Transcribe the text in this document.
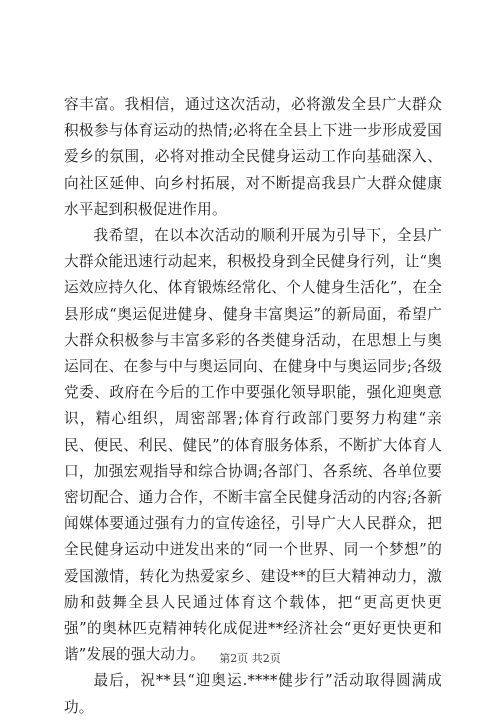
容丰富。我相信，通过这次活动，必将激发全县广大群众积极参与体育运动的热情;必将在全县上下进一步形成爱国爱乡的氛围，必将对推动全民健身运动工作向基础深入、向社区延伸、向乡村拓展，对不断提高我县广大群众健康水平起到积极促进作用。

我希望，在以本次活动的顺利开展为引导下，全县广大群众能迅速行动起来，积极投身到全民健身行列，让“奥运效应持久化、体育锻炼经常化、个人健身生活化”，在全县形成“奥运促进健身、健身丰富奥运”的新局面，希望广大群众积极参与丰富多彩的各类健身活动，在思想上与奥运同在、在参与中与奥运同向、在健身中与奥运同步;各级党委、政府在今后的工作中要强化领导职能，强化迎奥意识，精心组织，周密部署;体育行政部门要努力构建“亲民、便民、利民、健民”的体育服务体系，不断扩大体育人口，加强宏观指导和综合协调;各部门、各系统、各单位要密切配合、通力合作，不断丰富全民健身活动的内容;各新闻媒体要通过强有力的宣传途径，引导广大人民群众，把全民健身运动中迸发出来的“同一个世界、同一个梦想”的爱国激情，转化为热爱家乡、建设**的巨大精神动力，激励和鼓舞全县人民通过体育这个载体，把“更高更快更强”的奥林匹克精神转化成促进**经济社会“更好更快更和谐”发展的强大动力。

最后，祝**县“迎奥运.****健步行”活动取得圆满成功。

第2页 共2页
